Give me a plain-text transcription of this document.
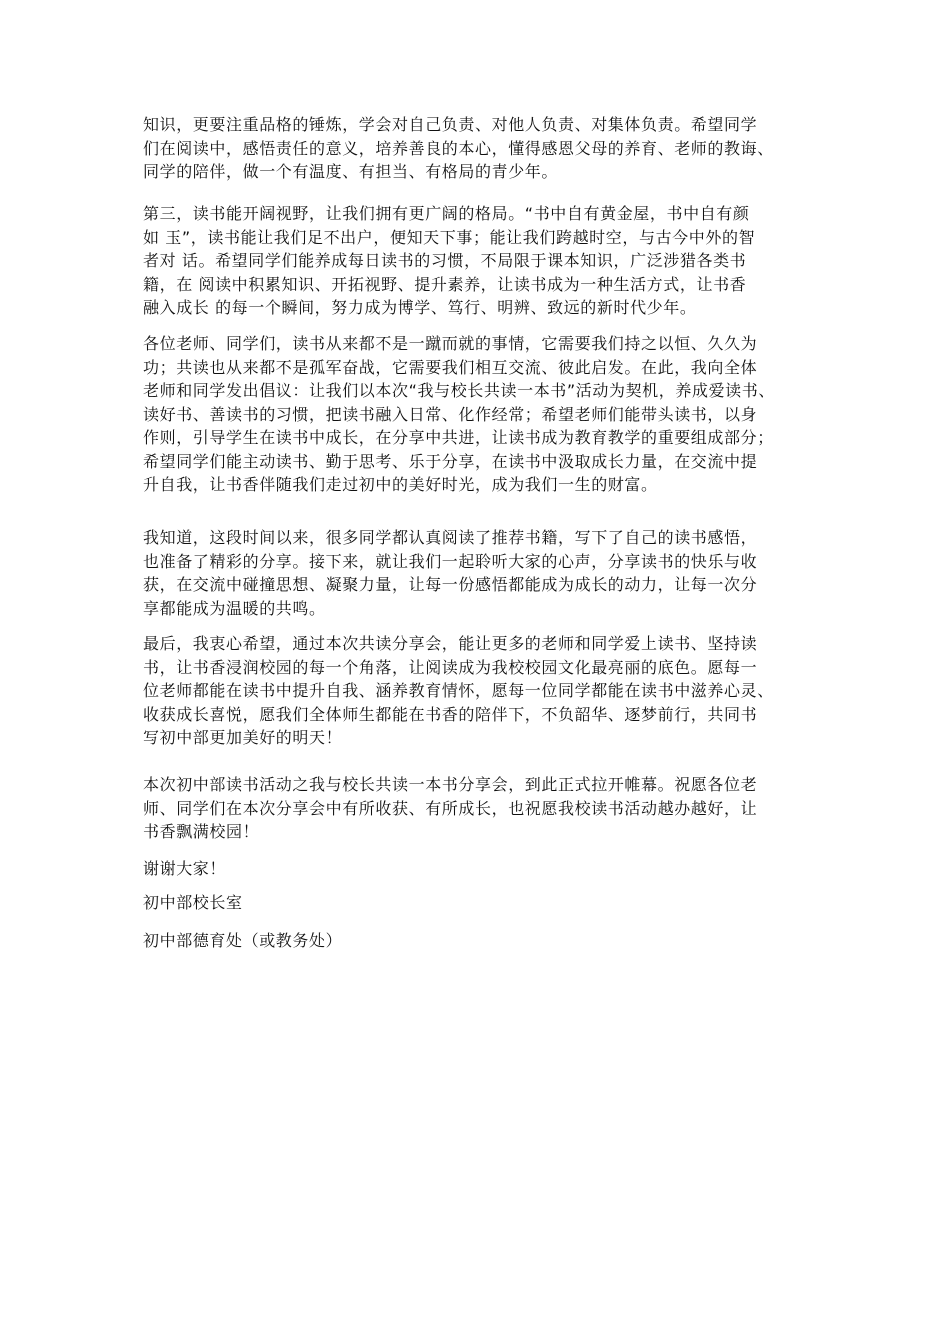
知识，更要注重品格的锤炼，学会对自己负责、对他人负责、对集体负责。希望同学
们在阅读中，感悟责任的意义，培养善良的本心，懂得感恩父母的养育、老师的教诲、
同学的陪伴，做一个有温度、有担当、有格局的青少年。
第三，读书能开阔视野，让我们拥有更广阔的格局。“书中自有黄金屋，书中自有颜
如 玉”，读书能让我们足不出户，便知天下事；能让我们跨越时空，与古今中外的智
者对 话。希望同学们能养成每日读书的习惯，不局限于课本知识，广泛涉猎各类书
籍，在 阅读中积累知识、开拓视野、提升素养，让读书成为一种生活方式，让书香
融入成长 的每一个瞬间，努力成为博学、笃行、明辨、致远的新时代少年。
各位老师、同学们，读书从来都不是一蹴而就的事情，它需要我们持之以恒、久久为
功；共读也从来都不是孤军奋战，它需要我们相互交流、彼此启发。在此，我向全体
老师和同学发出倡议：让我们以本次“我与校长共读一本书”活动为契机，养成爱读书、
读好书、善读书的习惯，把读书融入日常、化作经常；希望老师们能带头读书，以身
作则，引导学生在读书中成长，在分享中共进，让读书成为教育教学的重要组成部分；
希望同学们能主动读书、勤于思考、乐于分享，在读书中汲取成长力量，在交流中提
升自我，让书香伴随我们走过初中的美好时光，成为我们一生的财富。
我知道，这段时间以来，很多同学都认真阅读了推荐书籍，写下了自己的读书感悟，
也准备了精彩的分享。接下来，就让我们一起聆听大家的心声，分享读书的快乐与收
获，在交流中碰撞思想、凝聚力量，让每一份感悟都能成为成长的动力，让每一次分
享都能成为温暖的共鸣。
最后，我衷心希望，通过本次共读分享会，能让更多的老师和同学爱上读书、坚持读
书，让书香浸润校园的每一个角落，让阅读成为我校校园文化最亮丽的底色。愿每一
位老师都能在读书中提升自我、涵养教育情怀，愿每一位同学都能在读书中滋养心灵、
收获成长喜悦，愿我们全体师生都能在书香的陪伴下，不负韶华、逐梦前行，共同书
写初中部更加美好的明天！
本次初中部读书活动之我与校长共读一本书分享会，到此正式拉开帷幕。祝愿各位老
师、同学们在本次分享会中有所收获、有所成长，也祝愿我校读书活动越办越好，让
书香飘满校园！
谢谢大家！
初中部校长室
初中部德育处（或教务处）
